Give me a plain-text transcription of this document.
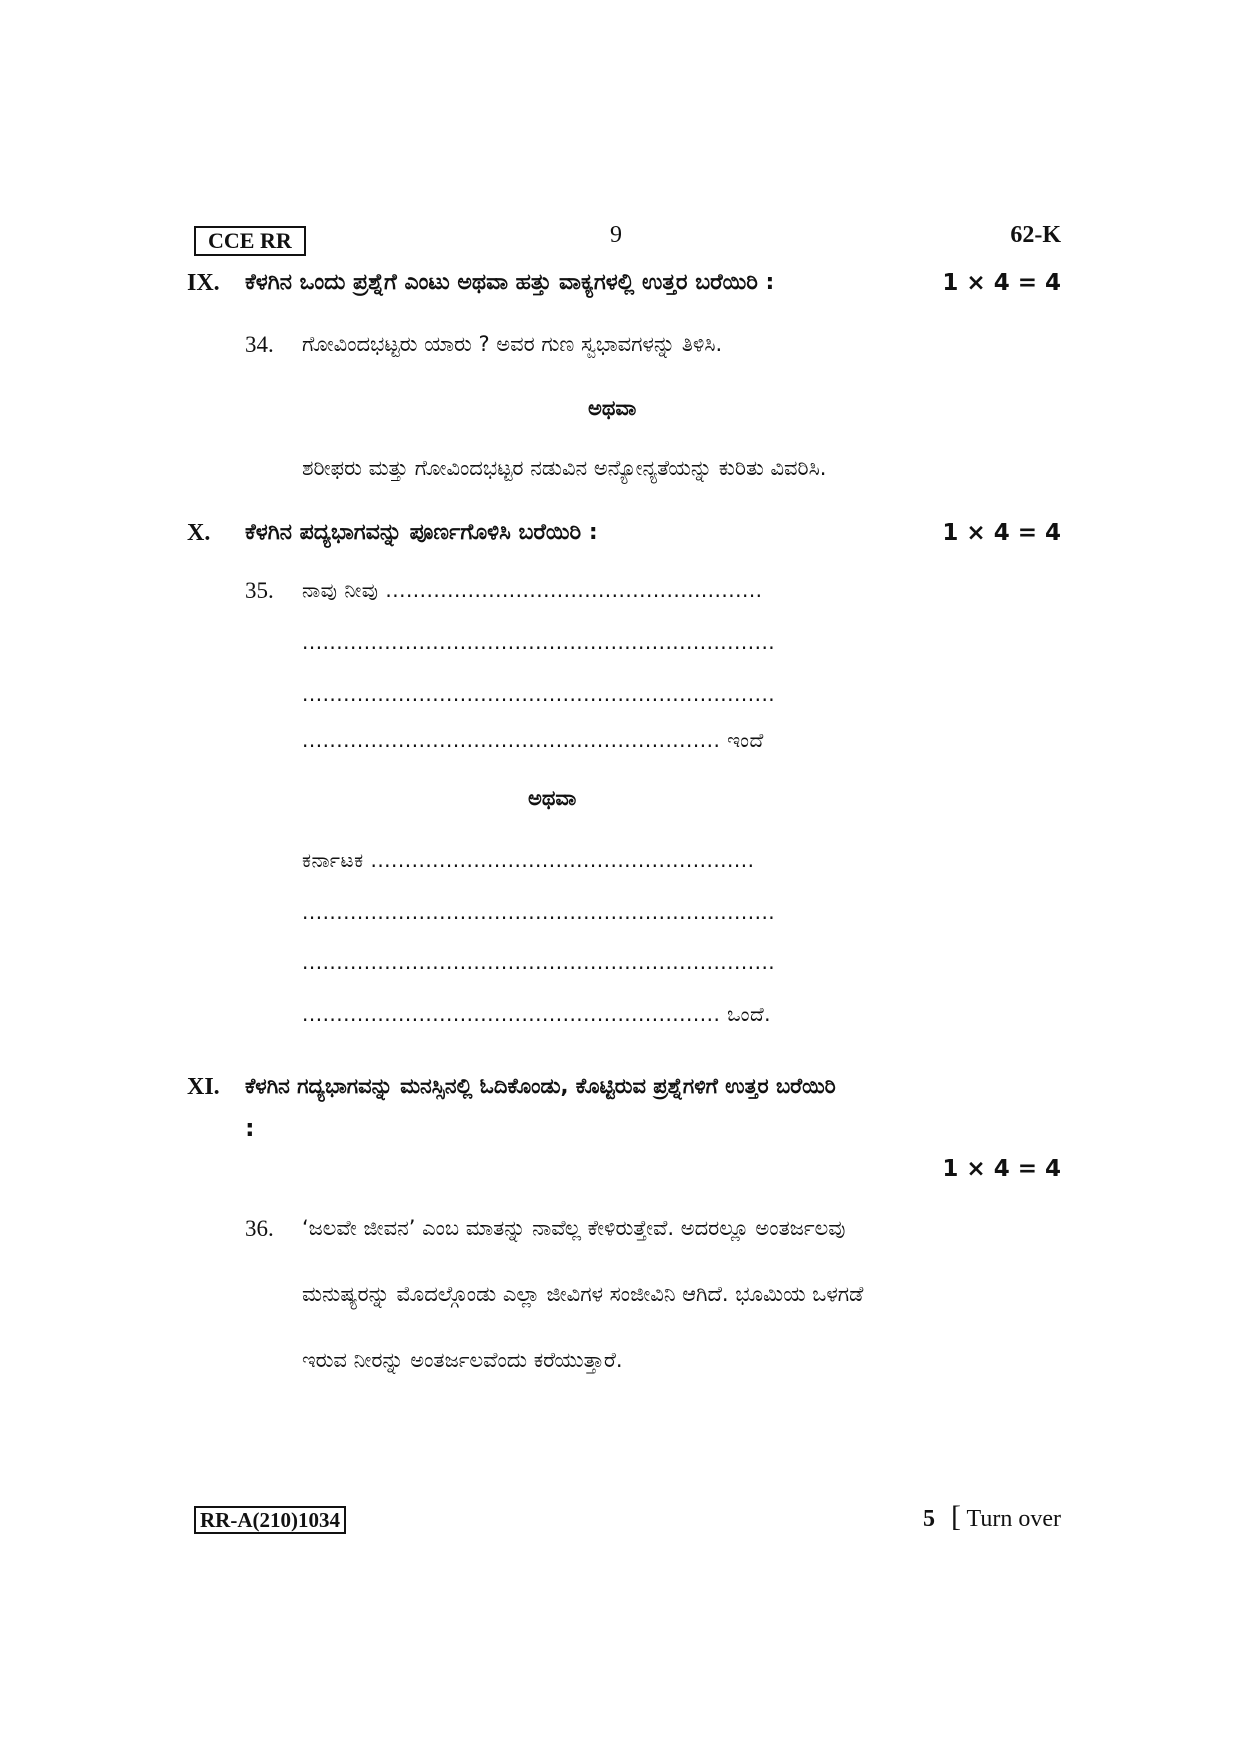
CCE RR	9	62-K
IX. ಕೆಳಗಿನ ಒಂದು ಪ್ರಶ್ನೆಗೆ ಎಂಟು ಅಥವಾ ಹತ್ತು ವಾಕ್ಯಗಳಲ್ಲಿ ಉತ್ತರ ಬರೆಯಿರಿ :	1 × 4 = 4
34. ಗೋವಿಂದಭಟ್ಟರು ಯಾರು ? ಅವರ ಗುಣ ಸ್ವಭಾವಗಳನ್ನು ತಿಳಿಸಿ.
ಅಥವಾ
ಶರೀಫರು ಮತ್ತು ಗೋವಿಂದಭಟ್ಟರ ನಡುವಿನ ಅನ್ಯೋನ್ಯತೆಯನ್ನು ಕುರಿತು ವಿವರಿಸಿ.
X. ಕೆಳಗಿನ ಪದ್ಯಭಾಗವನ್ನು ಪೂರ್ಣಗೊಳಿಸಿ ಬರೆಯಿರಿ :	1 × 4 = 4
35. ನಾವು ನೀವು .......................................................
.....................................................................
.....................................................................
............................................................. ಇಂದೆ
ಅಥವಾ
ಕರ್ನಾಟಕ ........................................................
.....................................................................
.....................................................................
............................................................. ಒಂದೆ.
XI. ಕೆಳಗಿನ ಗದ್ಯಭಾಗವನ್ನು ಮನಸ್ಸಿನಲ್ಲಿ ಓದಿಕೊಂಡು, ಕೊಟ್ಟಿರುವ ಪ್ರಶ್ನೆಗಳಿಗೆ ಉತ್ತರ ಬರೆಯಿರಿ
:
1 × 4 = 4
36. ‘ಜಲವೇ ಜೀವನ’ ಎಂಬ ಮಾತನ್ನು ನಾವೆಲ್ಲ ಕೇಳಿರುತ್ತೇವೆ. ಅದರಲ್ಲೂ ಅಂತರ್ಜಲವು
ಮನುಷ್ಯರನ್ನು ಮೊದಲ್ಗೊಂಡು ಎಲ್ಲಾ ಜೀವಿಗಳ ಸಂಜೀವಿನಿ ಆಗಿದೆ. ಭೂಮಿಯ ಒಳಗಡೆ
ಇರುವ ನೀರನ್ನು ಅಂತರ್ಜಲವೆಂದು ಕರೆಯುತ್ತಾರೆ.
RR-A(210)1034	5 [ Turn over
